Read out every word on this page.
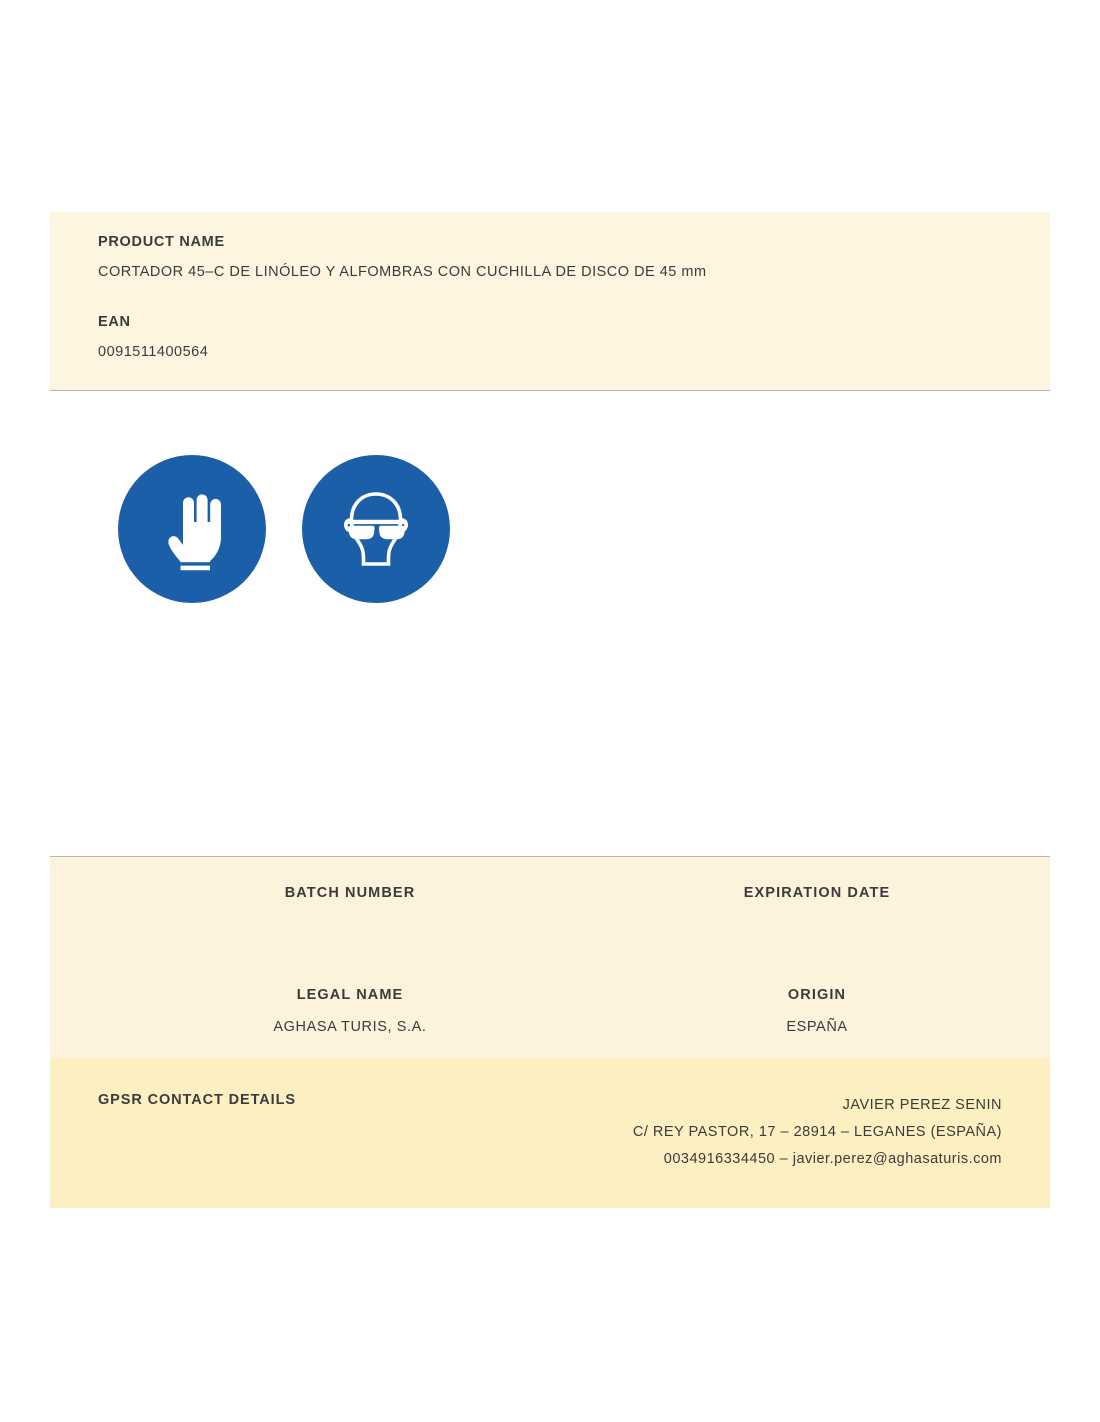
PRODUCT NAME

CORTADOR 45–C DE LINÓLEO Y ALFOMBRAS CON CUCHILLA DE DISCO DE 45 mm

EAN

0091511400564

BATCH NUMBER	EXPIRATION DATE

LEGAL NAME

AGHASA TURIS, S.A.

ORIGIN

ESPAÑA

GPSR CONTACT DETAILS	JAVIER PEREZ SENIN
C/ REY PASTOR, 17 – 28914 – LEGANES (ESPAÑA)
0034916334450 – javier.perez@aghasaturis.com
